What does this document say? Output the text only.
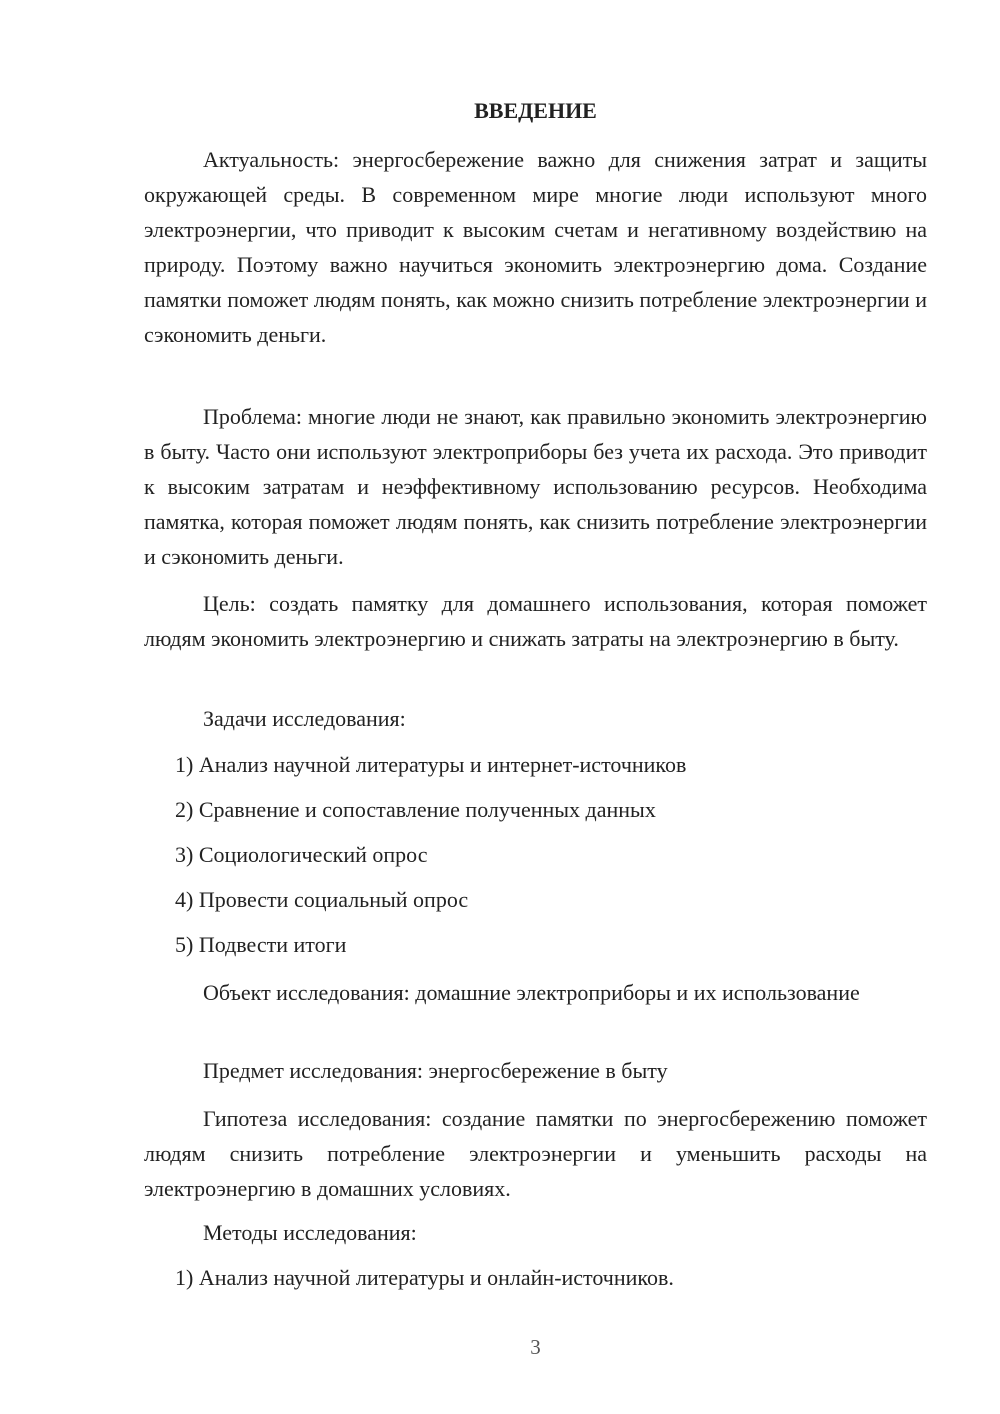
ВВЕДЕНИЕ

Актуальность: энергосбережение важно для снижения затрат и защиты окружающей среды. В современном мире многие люди используют много электроэнергии, что приводит к высоким счетам и негативному воздействию на природу. Поэтому важно научиться экономить электроэнергию дома. Создание памятки поможет людям понять, как можно снизить потребление электроэнергии и сэкономить деньги.

Проблема: многие люди не знают, как правильно экономить электроэнергию в быту. Часто они используют электроприборы без учета их расхода. Это приводит к высоким затратам и неэффективному использованию ресурсов. Необходима памятка, которая поможет людям понять, как снизить потребление электроэнергии и сэкономить деньги.

Цель: создать памятку для домашнего использования, которая поможет людям экономить электроэнергию и снижать затраты на электроэнергию в быту.

Задачи исследования:

1) Анализ научной литературы и интернет-источников

2) Сравнение и сопоставление полученных данных

3) Социологический опрос

4) Провести социальный опрос

5) Подвести итоги

Объект исследования: домашние электроприборы и их использование

Предмет исследования: энергосбережение в быту

Гипотеза исследования: создание памятки по энергосбережению поможет людям снизить потребление электроэнергии и уменьшить расходы на электроэнергию в домашних условиях.

Методы исследования:

1) Анализ научной литературы и онлайн-источников.

3
